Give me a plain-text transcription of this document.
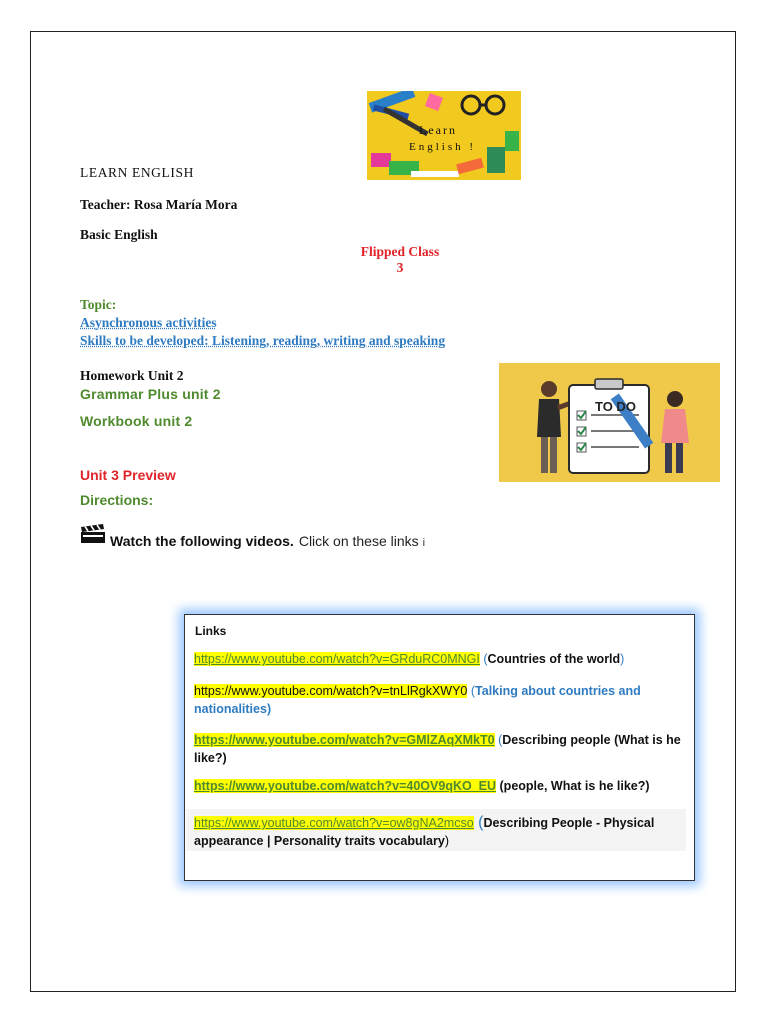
Learn
English !
LEARN ENGLISH
Teacher: Rosa María Mora
Basic English
Flipped Class
3
Topic:
Asynchronous activities
Skills to be developed: Listening, reading, writing and speaking
Homework Unit 2
Grammar Plus unit 2
Workbook unit 2
TO DO
Unit 3 Preview
Directions:
Watch the following videos. Click on these links i
Links
https://www.youtube.com/watch?v=GRduRC0MNGI (Countries of the world)
https://www.youtube.com/watch?v=tnLlRgkXWY0 (Talking about countries and nationalities)
https://www.youtube.com/watch?v=GMlZAqXMkT0 (Describing people (What is he like?)
https://www.youtube.com/watch?v=40OV9qKO_EU (people, What is he like?)
https://www.youtube.com/watch?v=ow8gNA2mcso (Describing People - Physical appearance | Personality traits vocabulary)
